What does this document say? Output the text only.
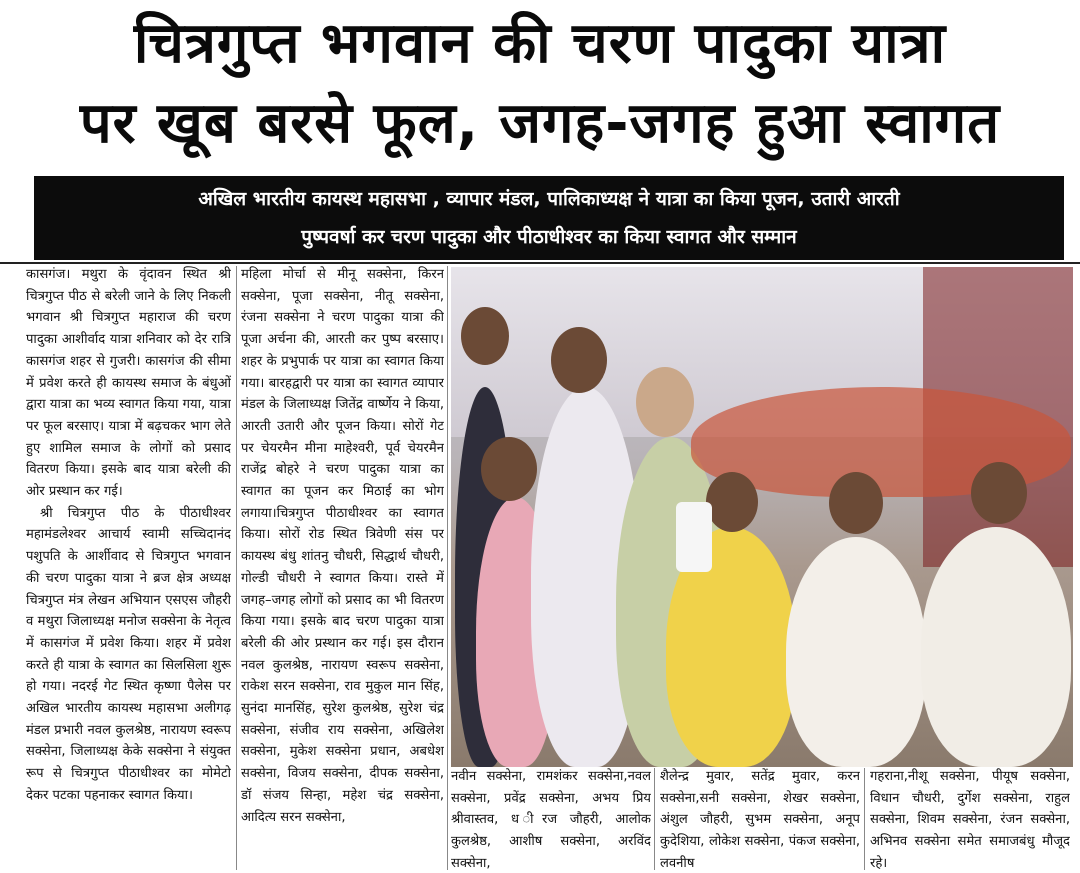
चित्रगुप्त भगवान की चरण पादुका यात्रा
पर खूब बरसे फूल, जगह-जगह हुआ स्वागत
अखिल भारतीय कायस्थ महासभा , व्यापार मंडल, पालिकाध्यक्ष ने यात्रा का किया पूजन, उतारी आरती
पुष्पवर्षा कर चरण पादुका और पीठाधीश्वर का किया स्वागत और सम्मान

कासगंज। मथुरा के वृंदावन स्थित श्री चित्रगुप्त पीठ से बरेली जाने के लिए निकली भगवान श्री चित्रगुप्त महाराज की चरण पादुका आशीर्वाद यात्रा शनिवार को देर रात्रि कासगंज शहर से गुजरी। कासगंज की सीमा में प्रवेश करते ही कायस्थ समाज के बंधुओं द्वारा यात्रा का भव्य स्वागत किया गया, यात्रा पर फूल बरसाए। यात्रा में बढ़चकर भाग लेते हुए शामिल समाज के लोगों को प्रसाद वितरण किया। इसके बाद यात्रा बरेली की ओर प्रस्थान कर गई।

श्री चित्रगुप्त पीठ के पीठाधीश्वर महामंडलेश्वर आचार्य स्वामी सच्चिदानंद पशुपति के आर्शीवाद से चित्रगुप्त भगवान की चरण पादुका यात्रा ने ब्रज क्षेत्र अध्यक्ष चित्रगुप्त मंत्र लेखन अभियान एसएस जौहरी व मथुरा जिलाध्यक्ष मनोज सक्सेना के नेतृत्व में कासगंज में प्रवेश किया। शहर में प्रवेश करते ही यात्रा के स्वागत का सिलसिला शुरू हो गया। नदरई गेट स्थित कृष्णा पैलेस पर अखिल भारतीय कायस्थ महासभा अलीगढ़ मंडल प्रभारी नवल कुलश्रेष्ठ, नारायण स्वरूप सक्सेना, जिलाध्यक्ष केके सक्सेना ने संयुक्त रूप से चित्रगुप्त पीठाधीश्वर का मोमेटो देकर पटका पहनाकर स्वागत किया।

महिला मोर्चा से मीनू सक्सेना, किरन सक्सेना, पूजा सक्सेना, नीतू सक्सेना, रंजना सक्सेना ने चरण पादुका यात्रा की पूजा अर्चना की, आरती कर पुष्प बरसाए। शहर के प्रभुपार्क पर यात्रा का स्वागत किया गया। बारहद्वारी पर यात्रा का स्वागत व्यापार मंडल के जिलाध्यक्ष जितेंद्र वार्ष्णेय ने किया, आरती उतारी और पूजन किया। सोरों गेट पर चेयरमैन मीना माहेश्वरी, पूर्व चेयरमैन राजेंद्र बोहरे ने चरण पादुका यात्रा का स्वागत का पूजन कर मिठाई का भोग लगाया।चित्रगुप्त पीठाधीश्वर का स्वागत किया। सोरों रोड स्थित त्रिवेणी संस पर कायस्थ बंधु शांतनु चौधरी, सिद्धार्थ चौधरी, गोल्डी चौधरी ने स्वागत किया। रास्ते में जगह–जगह लोगों को प्रसाद का भी वितरण किया गया। इसके बाद चरण पादुका यात्रा बरेली की ओर प्रस्थान कर गई। इस दौरान नवल कुलश्रेष्ठ, नारायण स्वरूप सक्सेना, राकेश सरन सक्सेना, राव मुकुल मान सिंह, सुनंदा मानसिंह, सुरेश कुलश्रेष्ठ, सुरेश चंद्र सक्सेना, संजीव राय सक्सेना, अखिलेश सक्सेना, मुकेश सक्सेना प्रधान, अबधेश सक्सेना, विजय सक्सेना, दीपक सक्सेना, डॉ संजय सिन्हा, महेश चंद्र सक्सेना, आदित्य सरन सक्सेना,

नवीन सक्सेना, रामशंकर सक्सेना,नवल सक्सेना, प्रवेंद्र सक्सेना, अभय प्रिय श्रीवास्तव, ध ीरज जौहरी, आलोक कुलश्रेष्ठ, आशीष सक्सेना, अरविंद सक्सेना,

शैलेन्द्र मुवार, सतेंद्र मुवार, करन सक्सेना,सनी सक्सेना, शेखर सक्सेना, अंशुल जौहरी, सुभम सक्सेना, अनूप कुदेशिया, लोकेश सक्सेना, पंकज सक्सेना, लवनीष

गहराना,नीशू सक्सेना, पीयूष सक्सेना, विधान चौधरी, दुर्गेश सक्सेना, राहुल सक्सेना, शिवम सक्सेना, रंजन सक्सेना, अभिनव सक्सेना समेत समाजबंधु मौजूद रहे।
